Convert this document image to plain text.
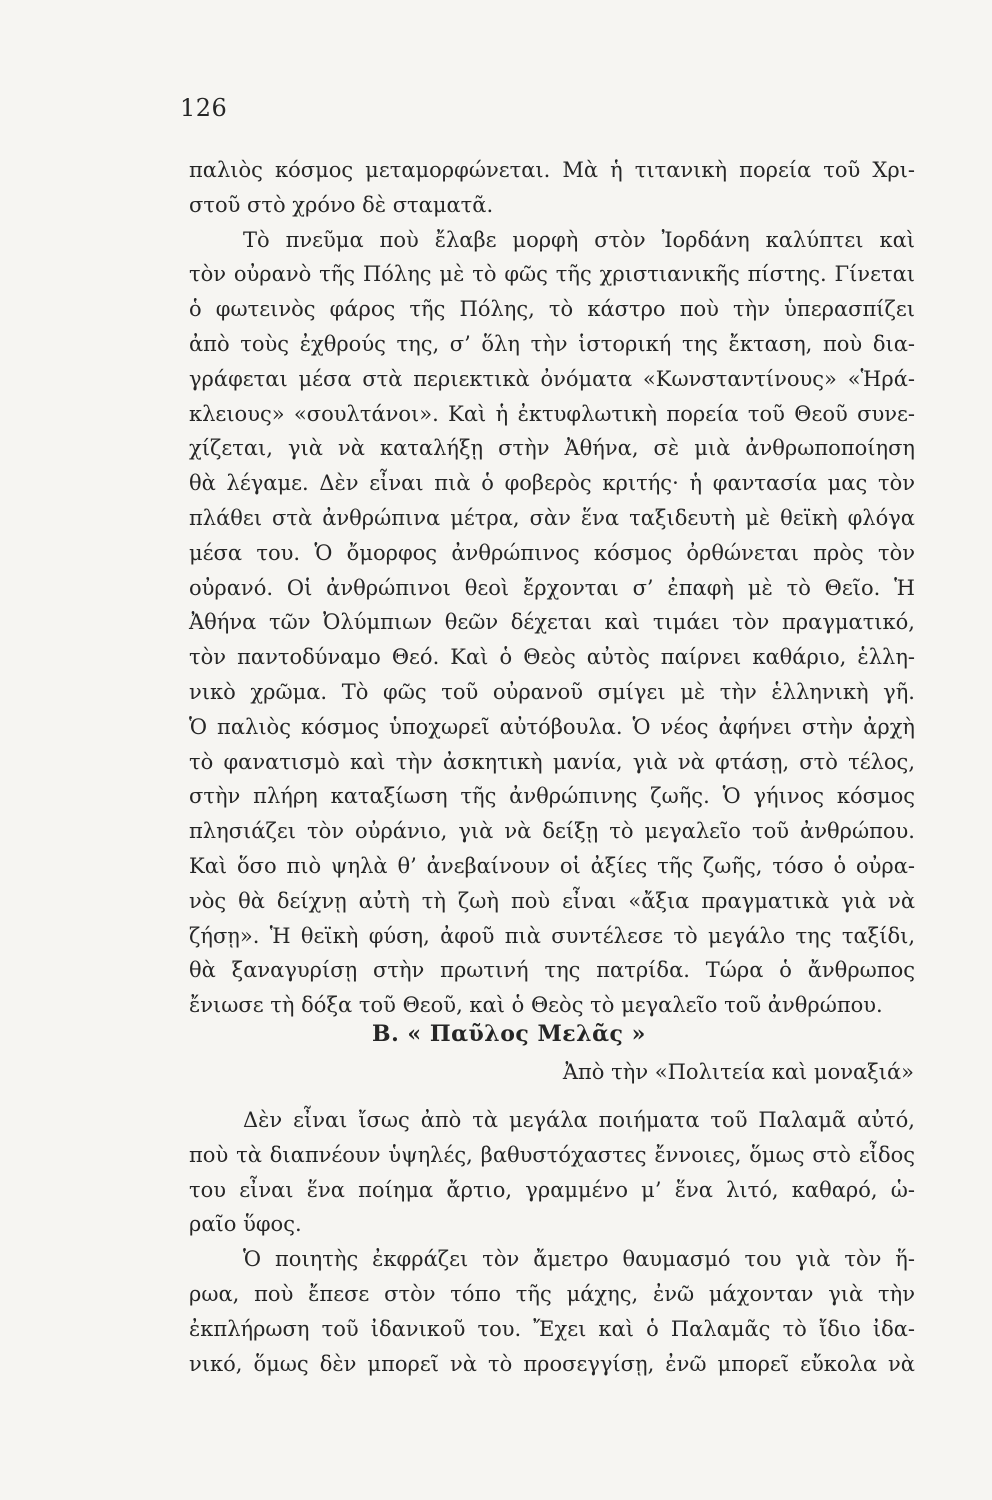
126
παλιὸς κόσμος μεταμορφώνεται. Μὰ ἡ τιτανικὴ πορεία τοῦ Χρι-
στοῦ στὸ χρόνο δὲ σταματᾶ.
Τὸ πνεῦμα ποὺ ἔλαβε μορφὴ στὸν Ἰορδάνη καλύπτει καὶ
τὸν οὐρανὸ τῆς Πόλης μὲ τὸ φῶς τῆς χριστιανικῆς πίστης. Γίνεται
ὁ φωτεινὸς φάρος τῆς Πόλης, τὸ κάστρο ποὺ τὴν ὑπερασπίζει
ἀπὸ τοὺς ἐχθρούς της, σ’ ὅλη τὴν ἱστορική της ἔκταση, ποὺ δια-
γράφεται μέσα στὰ περιεκτικὰ ὀνόματα «Κωνσταντίνους» «Ἡρά-
κλειους» «σουλτάνοι». Καὶ ἡ ἐκτυφλωτικὴ πορεία τοῦ Θεοῦ συνε-
χίζεται, γιὰ νὰ καταλήξῃ στὴν Ἀθήνα, σὲ μιὰ ἀνθρωποποίηση
θὰ λέγαμε. Δὲν εἶναι πιὰ ὁ φοβερὸς κριτής· ἡ φαντασία μας τὸν
πλάθει στὰ ἀνθρώπινα μέτρα, σὰν ἕνα ταξιδευτὴ μὲ θεϊκὴ φλόγα
μέσα του. Ὁ ὄμορφος ἀνθρώπινος κόσμος ὀρθώνεται πρὸς τὸν
οὐρανό. Οἱ ἀνθρώπινοι θεοὶ ἔρχονται σ’ ἐπαφὴ μὲ τὸ Θεῖο. Ἡ
Ἀθήνα τῶν Ὀλύμπιων θεῶν δέχεται καὶ τιμάει τὸν πραγματικό,
τὸν παντοδύναμο Θεό. Καὶ ὁ Θεὸς αὐτὸς παίρνει καθάριο, ἑλλη-
νικὸ χρῶμα. Τὸ φῶς τοῦ οὐρανοῦ σμίγει μὲ τὴν ἑλληνικὴ γῆ.
Ὁ παλιὸς κόσμος ὑποχωρεῖ αὐτόβουλα. Ὁ νέος ἀφήνει στὴν ἀρχὴ
τὸ φανατισμὸ καὶ τὴν ἀσκητικὴ μανία, γιὰ νὰ φτάσῃ, στὸ τέλος,
στὴν πλήρη καταξίωση τῆς ἀνθρώπινης ζωῆς. Ὁ γήινος κόσμος
πλησιάζει τὸν οὐράνιο, γιὰ νὰ δείξῃ τὸ μεγαλεῖο τοῦ ἀνθρώπου.
Καὶ ὅσο πιὸ ψηλὰ θ’ ἀνεβαίνουν οἱ ἀξίες τῆς ζωῆς, τόσο ὁ οὐρα-
νὸς θὰ δείχνῃ αὐτὴ τὴ ζωὴ ποὺ εἶναι «ἄξια πραγματικὰ γιὰ νὰ
ζήσῃ». Ἡ θεϊκὴ φύση, ἀφοῦ πιὰ συντέλεσε τὸ μεγάλο της ταξίδι,
θὰ ξαναγυρίσῃ στὴν πρωτινή της πατρίδα. Τώρα ὁ ἄνθρωπος
ἔνιωσε τὴ δόξα τοῦ Θεοῦ, καὶ ὁ Θεὸς τὸ μεγαλεῖο τοῦ ἀνθρώπου.
Β. « Παῦλος Μελᾶς »
Ἀπὸ τὴν «Πολιτεία καὶ μοναξιά»
Δὲν εἶναι ἴσως ἀπὸ τὰ μεγάλα ποιήματα τοῦ Παλαμᾶ αὐτό,
ποὺ τὰ διαπνέουν ὑψηλές, βαθυστόχαστες ἔννοιες, ὅμως στὸ εἶδος
του εἶναι ἕνα ποίημα ἄρτιο, γραμμένο μ’ ἕνα λιτό, καθαρό, ὡ-
ραῖο ὕφος.
Ὁ ποιητὴς ἐκφράζει τὸν ἄμετρο θαυμασμό του γιὰ τὸν ἥ-
ρωα, ποὺ ἔπεσε στὸν τόπο τῆς μάχης, ἐνῶ μάχονταν γιὰ τὴν
ἐκπλήρωση τοῦ ἰδανικοῦ του. Ἔχει καὶ ὁ Παλαμᾶς τὸ ἴδιο ἰδα-
νικό, ὅμως δὲν μπορεῖ νὰ τὸ προσεγγίσῃ, ἐνῶ μπορεῖ εὔκολα νὰ
